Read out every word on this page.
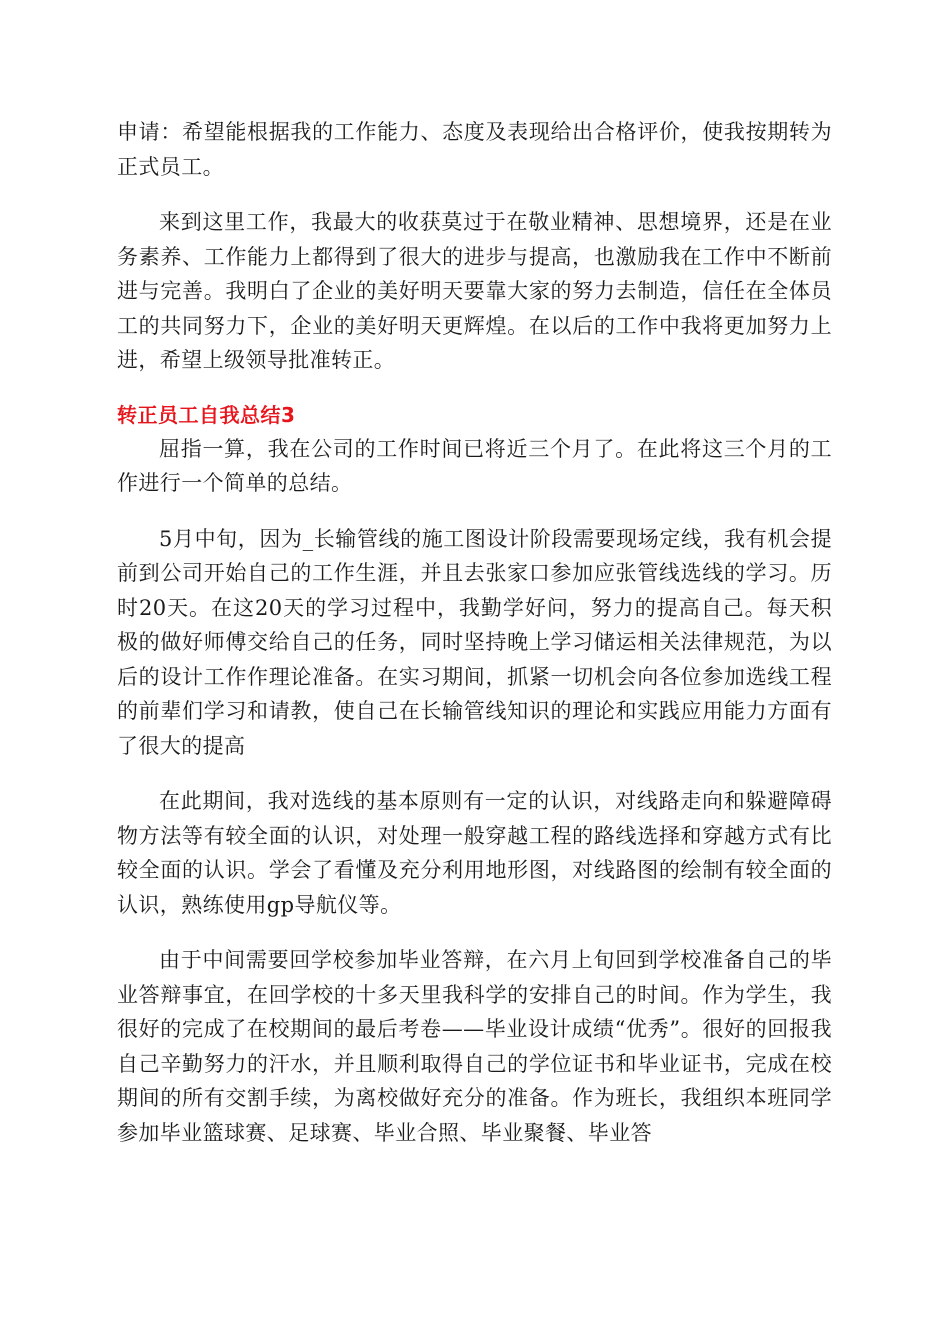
申请：希望能根据我的工作能力、态度及表现给出合格评价，使我按期转为正式员工。

来到这里工作，我最大的收获莫过于在敬业精神、思想境界，还是在业务素养、工作能力上都得到了很大的进步与提高，也激励我在工作中不断前进与完善。我明白了企业的美好明天要靠大家的努力去制造，信任在全体员工的共同努力下，企业的美好明天更辉煌。在以后的工作中我将更加努力上进，希望上级领导批准转正。

转正员工自我总结3

屈指一算，我在公司的工作时间已将近三个月了。在此将这三个月的工作进行一个简单的总结。

5月中旬，因为_长输管线的施工图设计阶段需要现场定线，我有机会提前到公司开始自己的工作生涯，并且去张家口参加应张管线选线的学习。历时20天。在这20天的学习过程中，我勤学好问，努力的提高自己。每天积极的做好师傅交给自己的任务，同时坚持晚上学习储运相关法律规范，为以后的设计工作作理论准备。在实习期间，抓紧一切机会向各位参加选线工程的前辈们学习和请教，使自己在长输管线知识的理论和实践应用能力方面有了很大的提高

在此期间，我对选线的基本原则有一定的认识，对线路走向和躲避障碍物方法等有较全面的认识，对处理一般穿越工程的路线选择和穿越方式有比较全面的认识。学会了看懂及充分利用地形图，对线路图的绘制有较全面的认识，熟练使用gp导航仪等。

由于中间需要回学校参加毕业答辩，在六月上旬回到学校准备自己的毕业答辩事宜，在回学校的十多天里我科学的安排自己的时间。作为学生，我很好的完成了在校期间的最后考卷——毕业设计成绩“优秀”。很好的回报我自己辛勤努力的汗水，并且顺利取得自己的学位证书和毕业证书，完成在校期间的所有交割手续，为离校做好充分的准备。作为班长，我组织本班同学参加毕业篮球赛、足球赛、毕业合照、毕业聚餐、毕业答
